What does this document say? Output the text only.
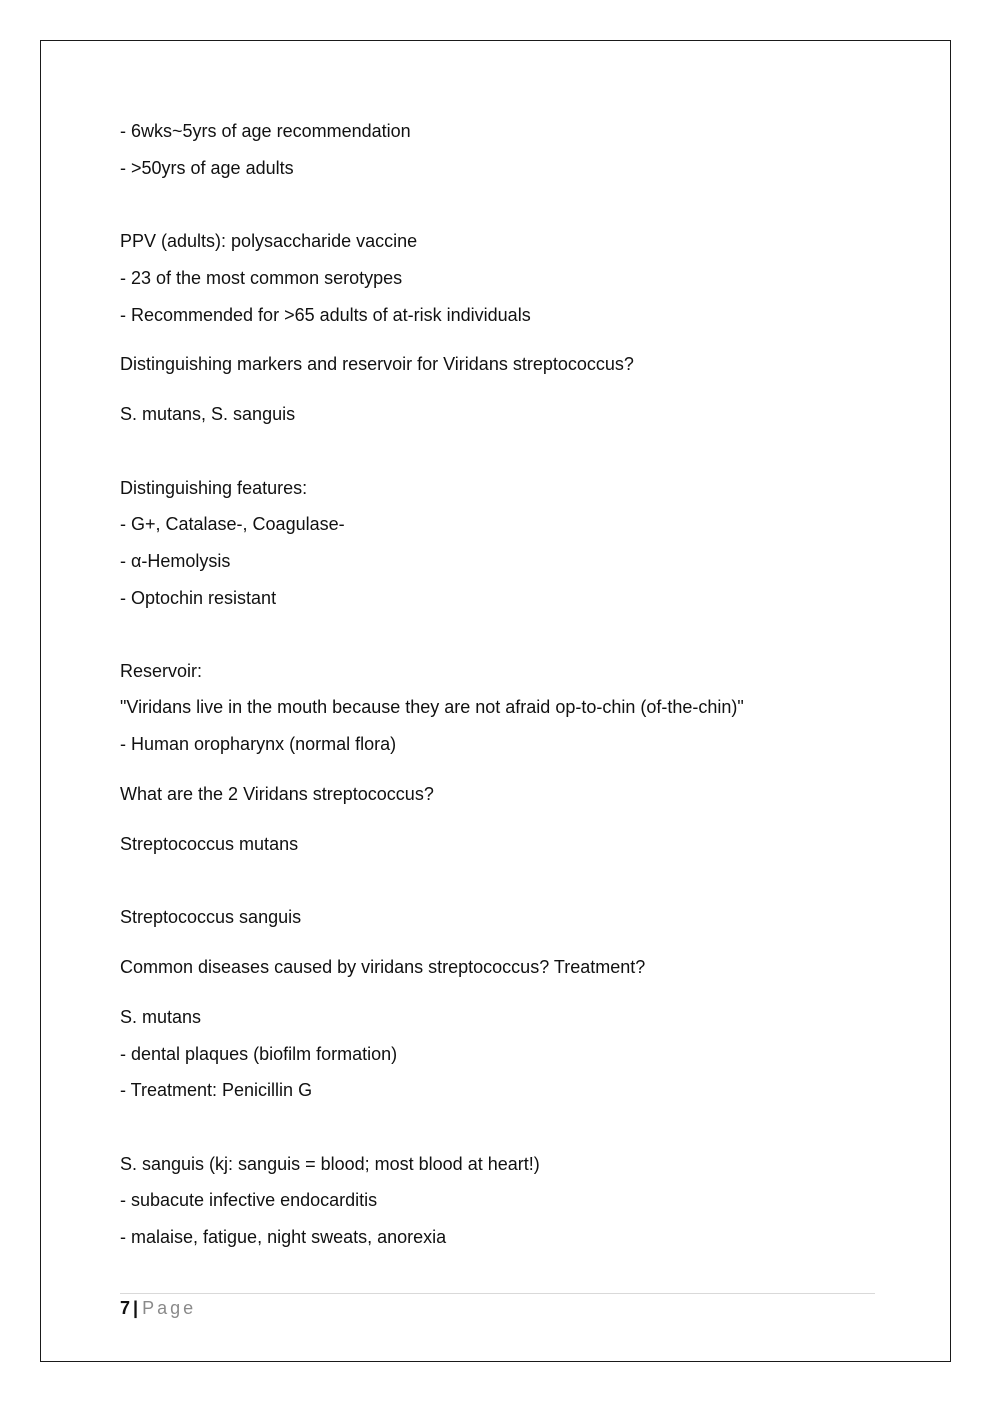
- 6wks~5yrs of age recommendation
- >50yrs of age adults
PPV (adults): polysaccharide vaccine
- 23 of the most common serotypes
- Recommended for >65 adults of at-risk individuals
Distinguishing markers and reservoir for Viridans streptococcus?
S. mutans, S. sanguis
Distinguishing features:
- G+, Catalase-, Coagulase-
- α-Hemolysis
- Optochin resistant
Reservoir:
"Viridans live in the mouth because they are not afraid op-to-chin (of-the-chin)"
- Human oropharynx (normal flora)
What are the 2 Viridans streptococcus?
Streptococcus mutans
Streptococcus sanguis
Common diseases caused by viridans streptococcus? Treatment?
S. mutans
- dental plaques (biofilm formation)
- Treatment: Penicillin G
S. sanguis (kj: sanguis = blood; most blood at heart!)
- subacute infective endocarditis
- malaise, fatigue, night sweats, anorexia
7 | Page
